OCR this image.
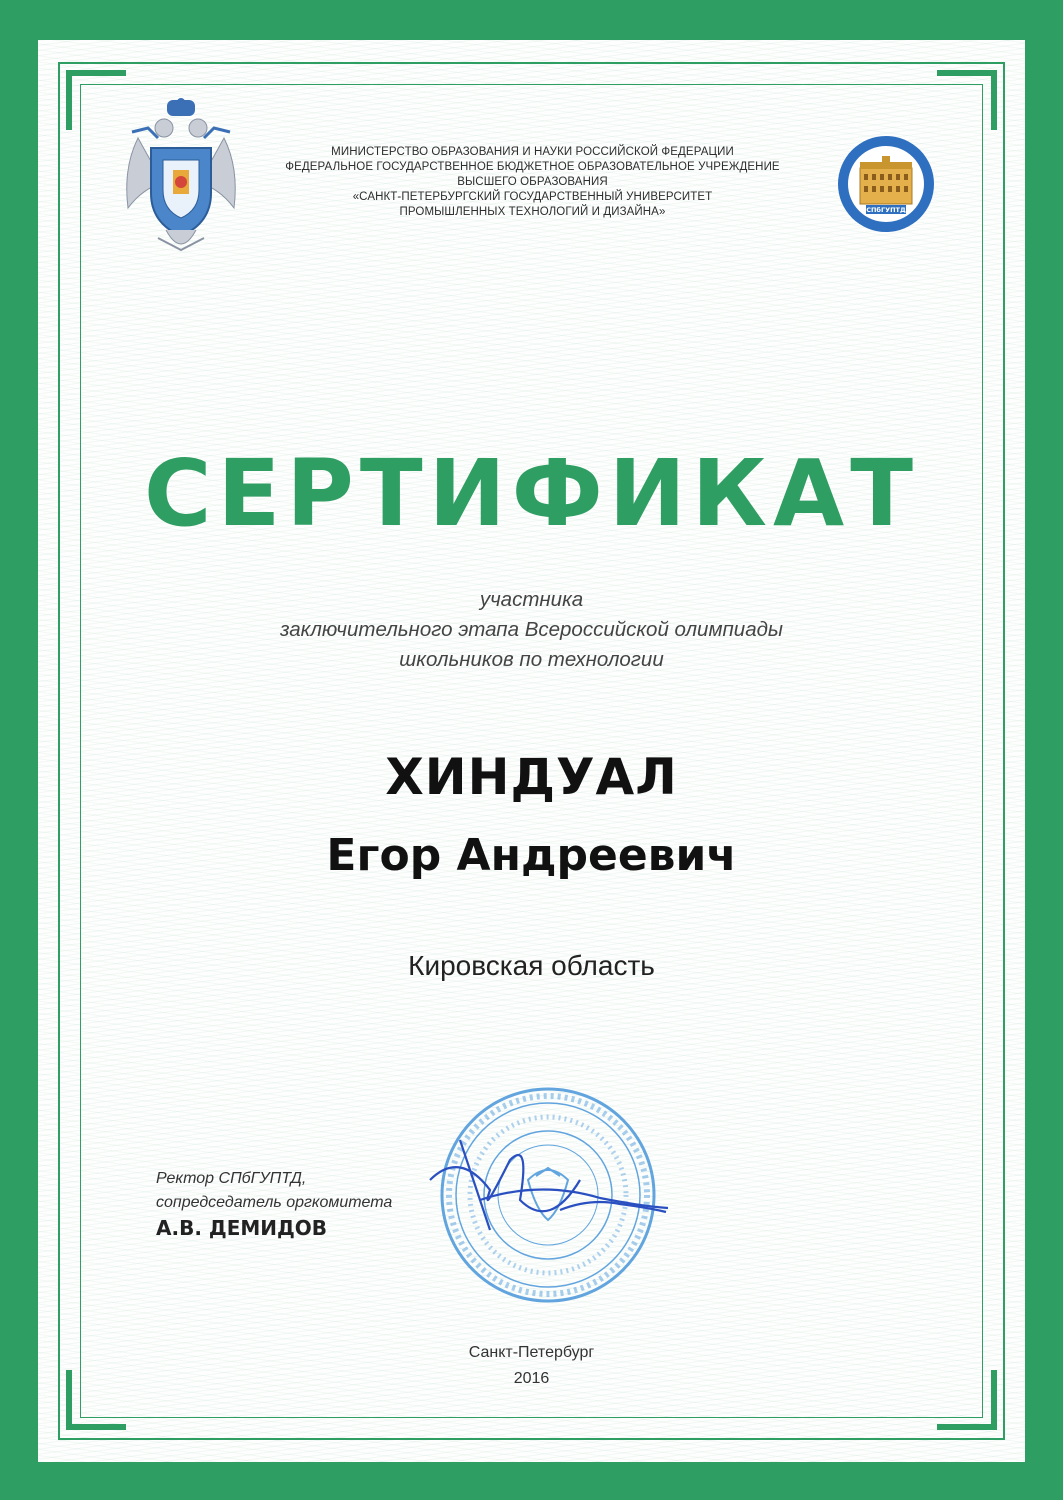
МИНИСТЕРСТВО ОБРАЗОВАНИЯ И НАУКИ РОССИЙСКОЙ ФЕДЕРАЦИИ
ФЕДЕРАЛЬНОЕ ГОСУДАРСТВЕННОЕ БЮДЖЕТНОЕ ОБРАЗОВАТЕЛЬНОЕ УЧРЕЖДЕНИЕ
ВЫСШЕГО ОБРАЗОВАНИЯ
«САНКТ-ПЕТЕРБУРГСКИЙ ГОСУДАРСТВЕННЫЙ УНИВЕРСИТЕТ
ПРОМЫШЛЕННЫХ ТЕХНОЛОГИЙ И ДИЗАЙНА»	СПбГУПТД
СЕРТИФИКАТ
участника
заключительного этапа Всероссийской олимпиады
школьников по технологии
ХИНДУАЛ
Егор Андреевич
Кировская область
Ректор СПбГУПТД,
сопредседатель оргкомитета
А.В. ДЕМИДОВ
Санкт-Петербург
2016
